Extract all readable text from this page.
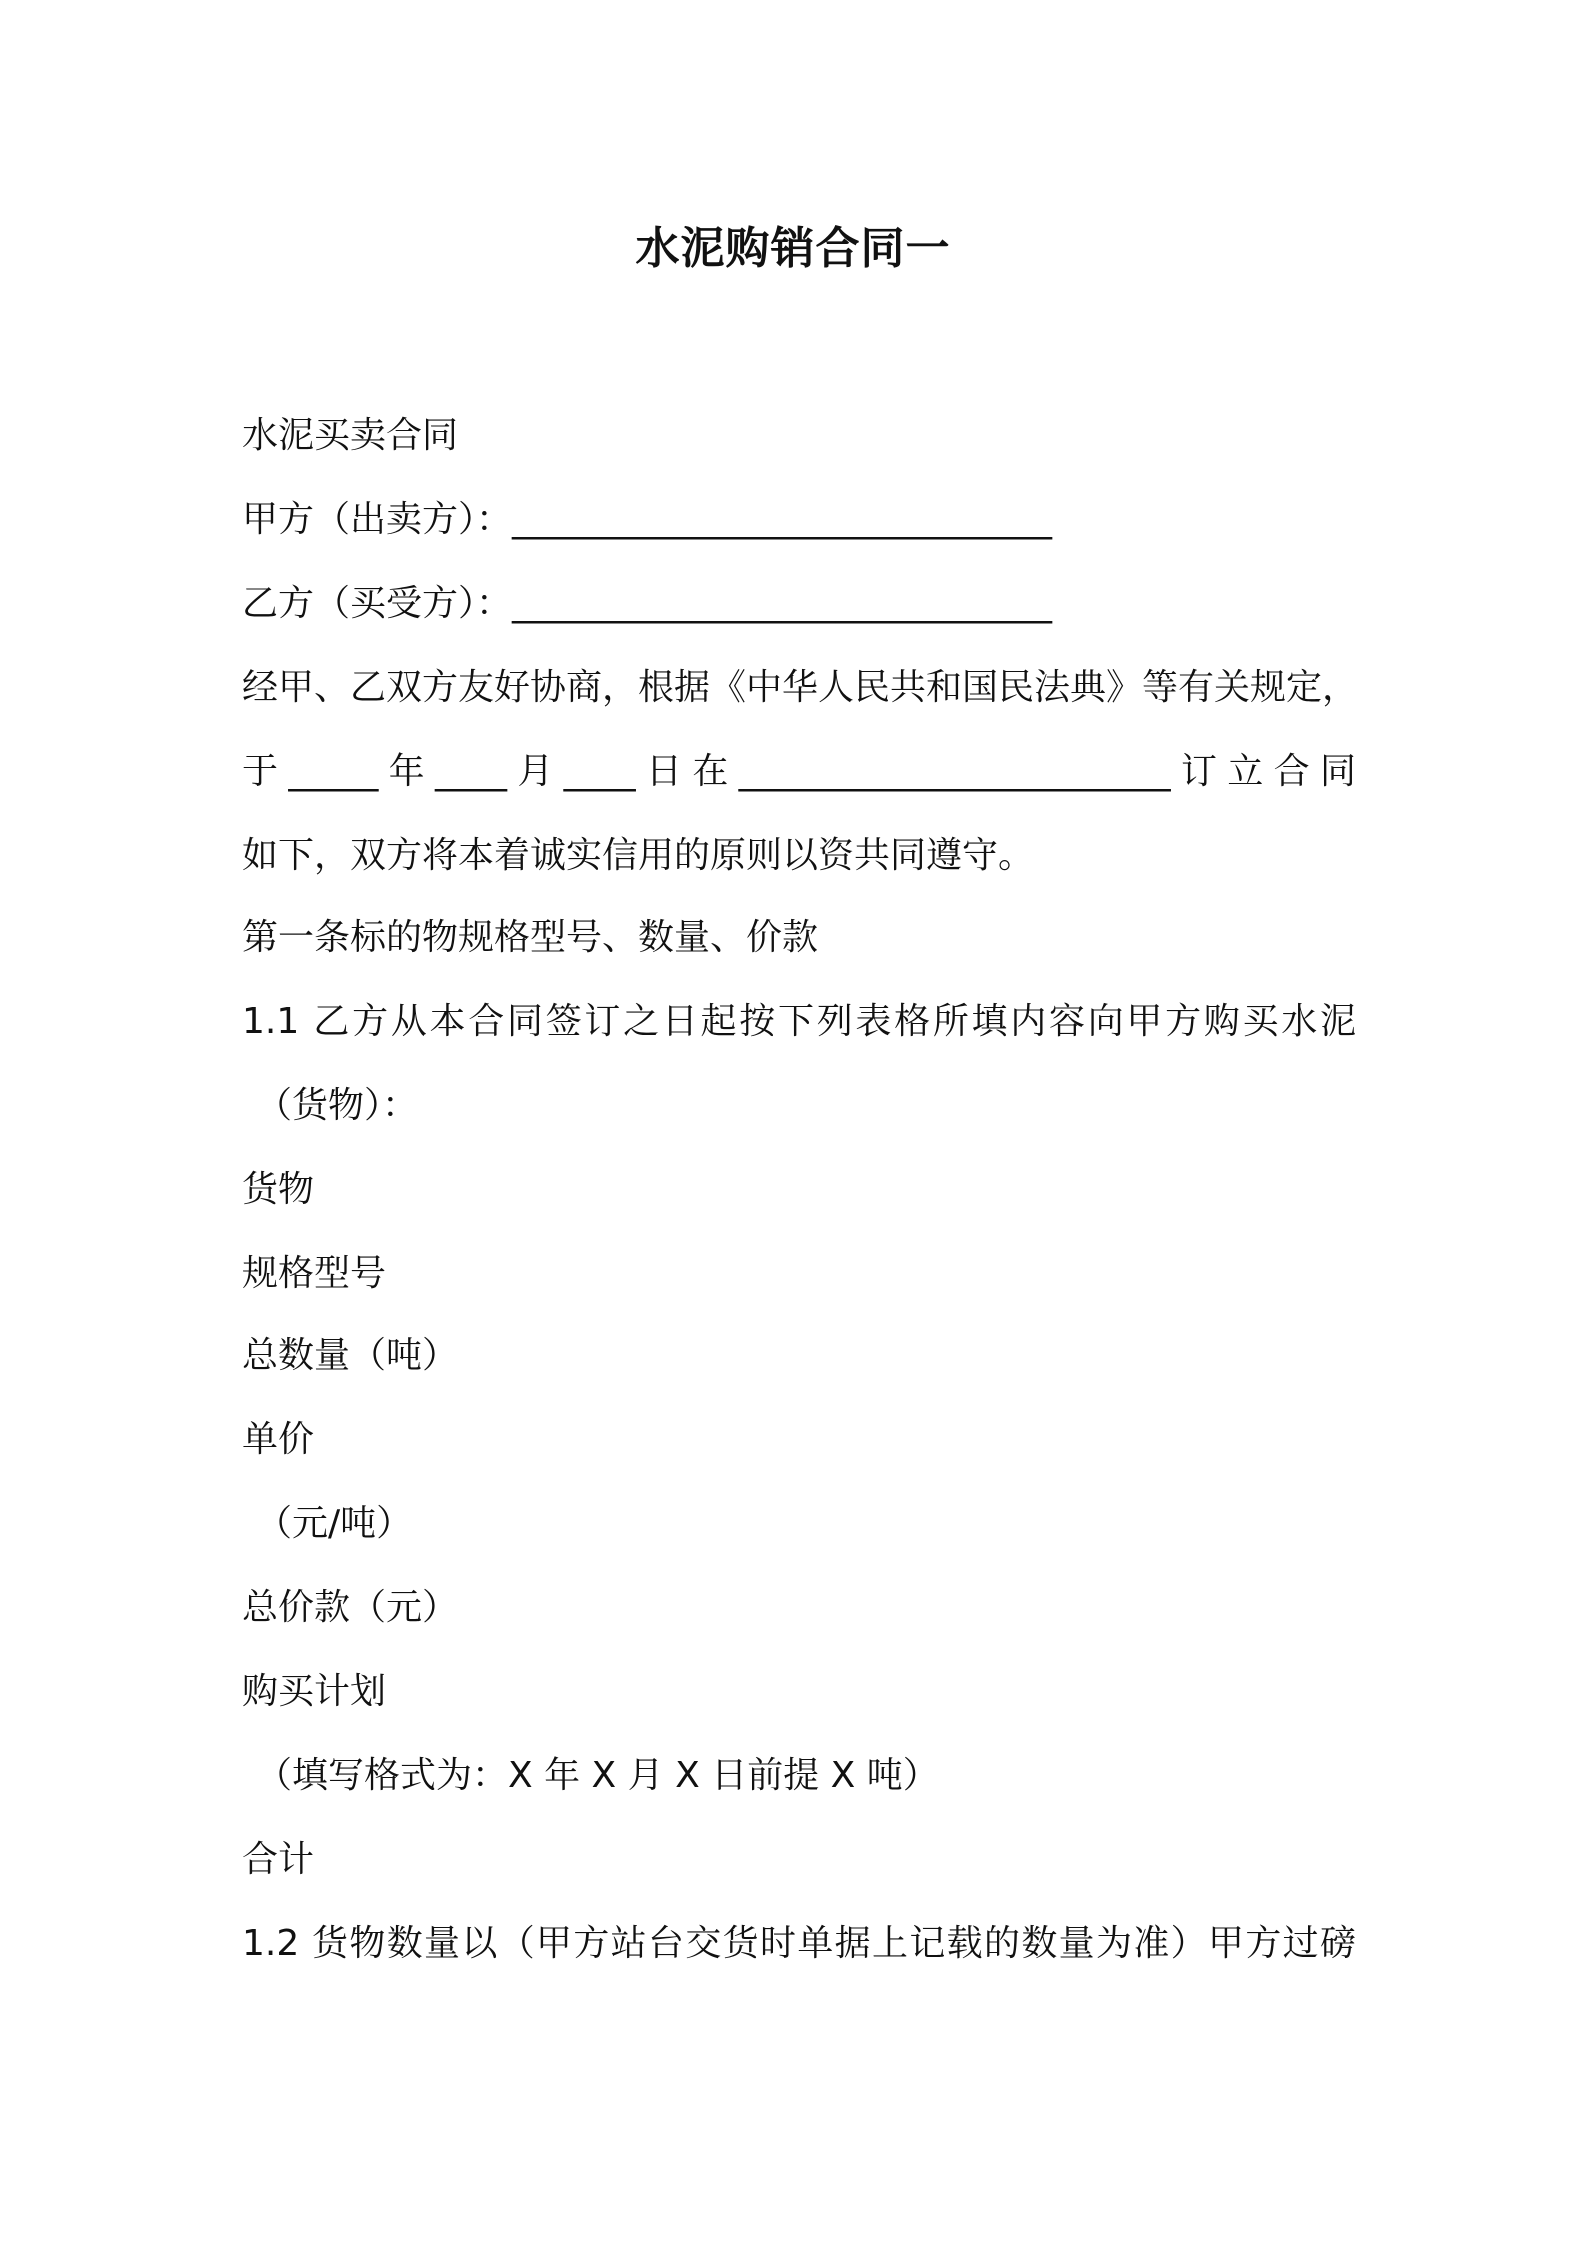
水泥购销合同一
水泥买卖合同
甲方（出卖方）：______________________________
乙方（买受方）：______________________________
经甲、乙双方友好协商，根据《中华人民共和国民法典》等有关规定，
于_____年____月____日在________________________订立合同
如下，双方将本着诚实信用的原则以资共同遵守。
第一条标的物规格型号、数量、价款
1.1 乙方从本合同签订之日起按下列表格所填内容向甲方购买水泥
（货物）：
货物
规格型号
总数量（吨）
单价
（元/吨）
总价款（元）
购买计划
（填写格式为：X 年 X 月 X 日前提 X 吨）
合计
1.2 货物数量以（甲方站台交货时单据上记载的数量为准）甲方过磅
